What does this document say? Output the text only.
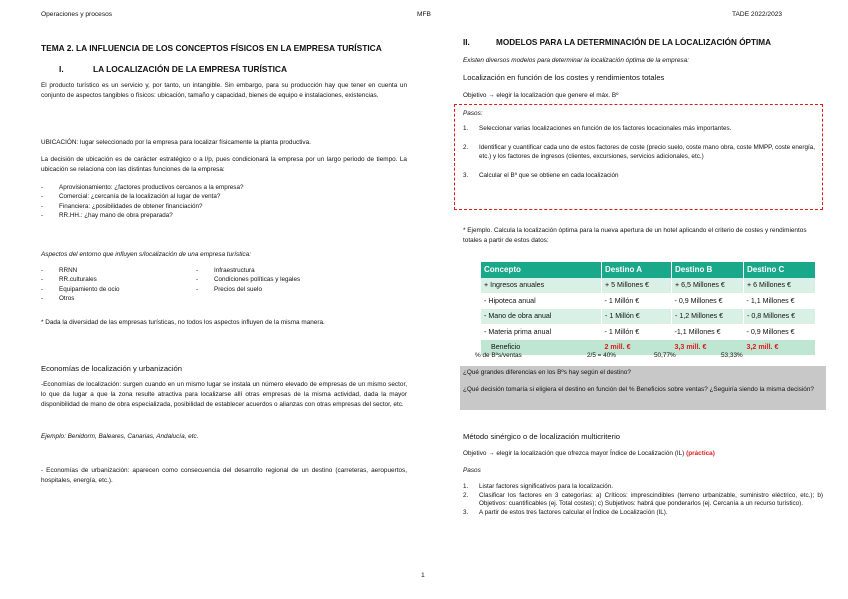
Operaciones y procesos	MFB	TADE 2022/2023
TEMA 2. LA INFLUENCIA DE LOS CONCEPTOS FÍSICOS EN LA EMPRESA TURÍSTICA
I.	LA LOCALIZACIÓN DE LA EMPRESA TURÍSTICA
El producto turístico es un servicio y, por tanto, un intangible. Sin embargo, para su producción hay que tener en cuenta un conjunto de aspectos tangibles o físicos: ubicación, tamaño y capacidad, bienes de equipo e instalaciones, existencias.
UBICACIÓN: lugar seleccionado por la empresa para localizar físicamente la planta productiva.
La decisión de ubicación es de carácter estratégico o a l/p, pues condicionará la empresa por un largo periodo de tiempo. La ubicación se relaciona con las distintas funciones de la empresa:
- Aprovisionamiento: ¿factores productivos cercanos a la empresa?
- Comercial: ¿cercanía de la localización al lugar de venta?
- Financiera: ¿posibilidades de obtener financiación?
- RR.HH.: ¿hay mano de obra preparada?
Aspectos del entorno que influyen s/localización de una empresa turística:
- RRNN
- RR.culturales
- Equipamiento de ocio
- Otros
- Infraestructura
- Condiciones políticas y legales
- Precios del suelo
* Dada la diversidad de las empresas turísticas, no todos los aspectos influyen de la misma manera.
Economías de localización y urbanización
-Economías de localización: surgen cuando en un mismo lugar se instala un número elevado de empresas de un mismo sector, lo que da lugar a que la zona resulte atractiva para localizarse allí otras empresas de la misma actividad, dada la mayor disponibilidad de mano de obra especializada, posibilidad de establecer acuerdos o alianzas con otras empresas del sector, etc.
Ejemplo: Benidorm, Baleares, Canarias, Andalucía, etc.
- Economías de urbanización: aparecen como consecuencia del desarrollo regional de un destino (carreteras, aeropuertos, hospitales, energía, etc.).
II.	MODELOS PARA LA DETERMINACIÓN DE LA LOCALIZACIÓN ÓPTIMA
Existen diversos modelos para determinar la localización óptima de la empresa:
Localización en función de los costes y rendimientos totales
Objetivo → elegir la localización que genere el máx. Bº
Pasos:
1. Seleccionar varias localizaciones en función de los factores locacionales más importantes.
2. Identificar y cuantificar cada uno de estos factores de coste (precio suelo, coste mano obra, coste MMPP, coste energía, etc.) y los factores de ingresos (clientes, excursiones, servicios adicionales, etc.)
3. Calcular el Bº que se obtiene en cada localización
* Ejemplo. Calcula la localización óptima para la nueva apertura de un hotel aplicando el criterio de costes y rendimientos totales a partir de estos datos:
Concepto	Destino A	Destino B	Destino C
+ Ingresos anuales	+ 5 Millones €	+ 6,5 Millones €	+ 6 Millones €
- Hipoteca anual	- 1 Millón €	- 0,9 Millones €	- 1,1 Millones €
- Mano de obra anual	- 1 Millón €	- 1,2 Millones €	- 0,8 Millones €
- Materia prima anual	- 1 Millón €	-1,1 Millones €	- 0,9 Millones €
Beneficio	2 mill. €	3,3 mill. €	3,2 mill. €
% de Bºs/ventas	2/5 = 40%	50,77%	53,33%
¿Qué grandes diferencias en los Bºs hay según el destino?
¿Qué decisión tomaría si eligiera el destino en función del % Beneficios sobre ventas? ¿Seguiría siendo la misma decisión?
Método sinérgico o de localización multicriterio
Objetivo → elegir la localización que ofrezca mayor Índice de Localización (IL) (práctica)
Pasos
1. Listar factores significativos para la localización.
2. Clasificar los factores en 3 categorías: a) Críticos: imprescindibles (terreno urbanizable, suministro eléctrico, etc.); b) Objetivos: cuantificables (ej. Total costes); c) Subjetivos: habrá que ponderarlos (ej. Cercanía a un recurso turístico).
3. A partir de estos tres factores calcular el Índice de Localización (IL).
1
